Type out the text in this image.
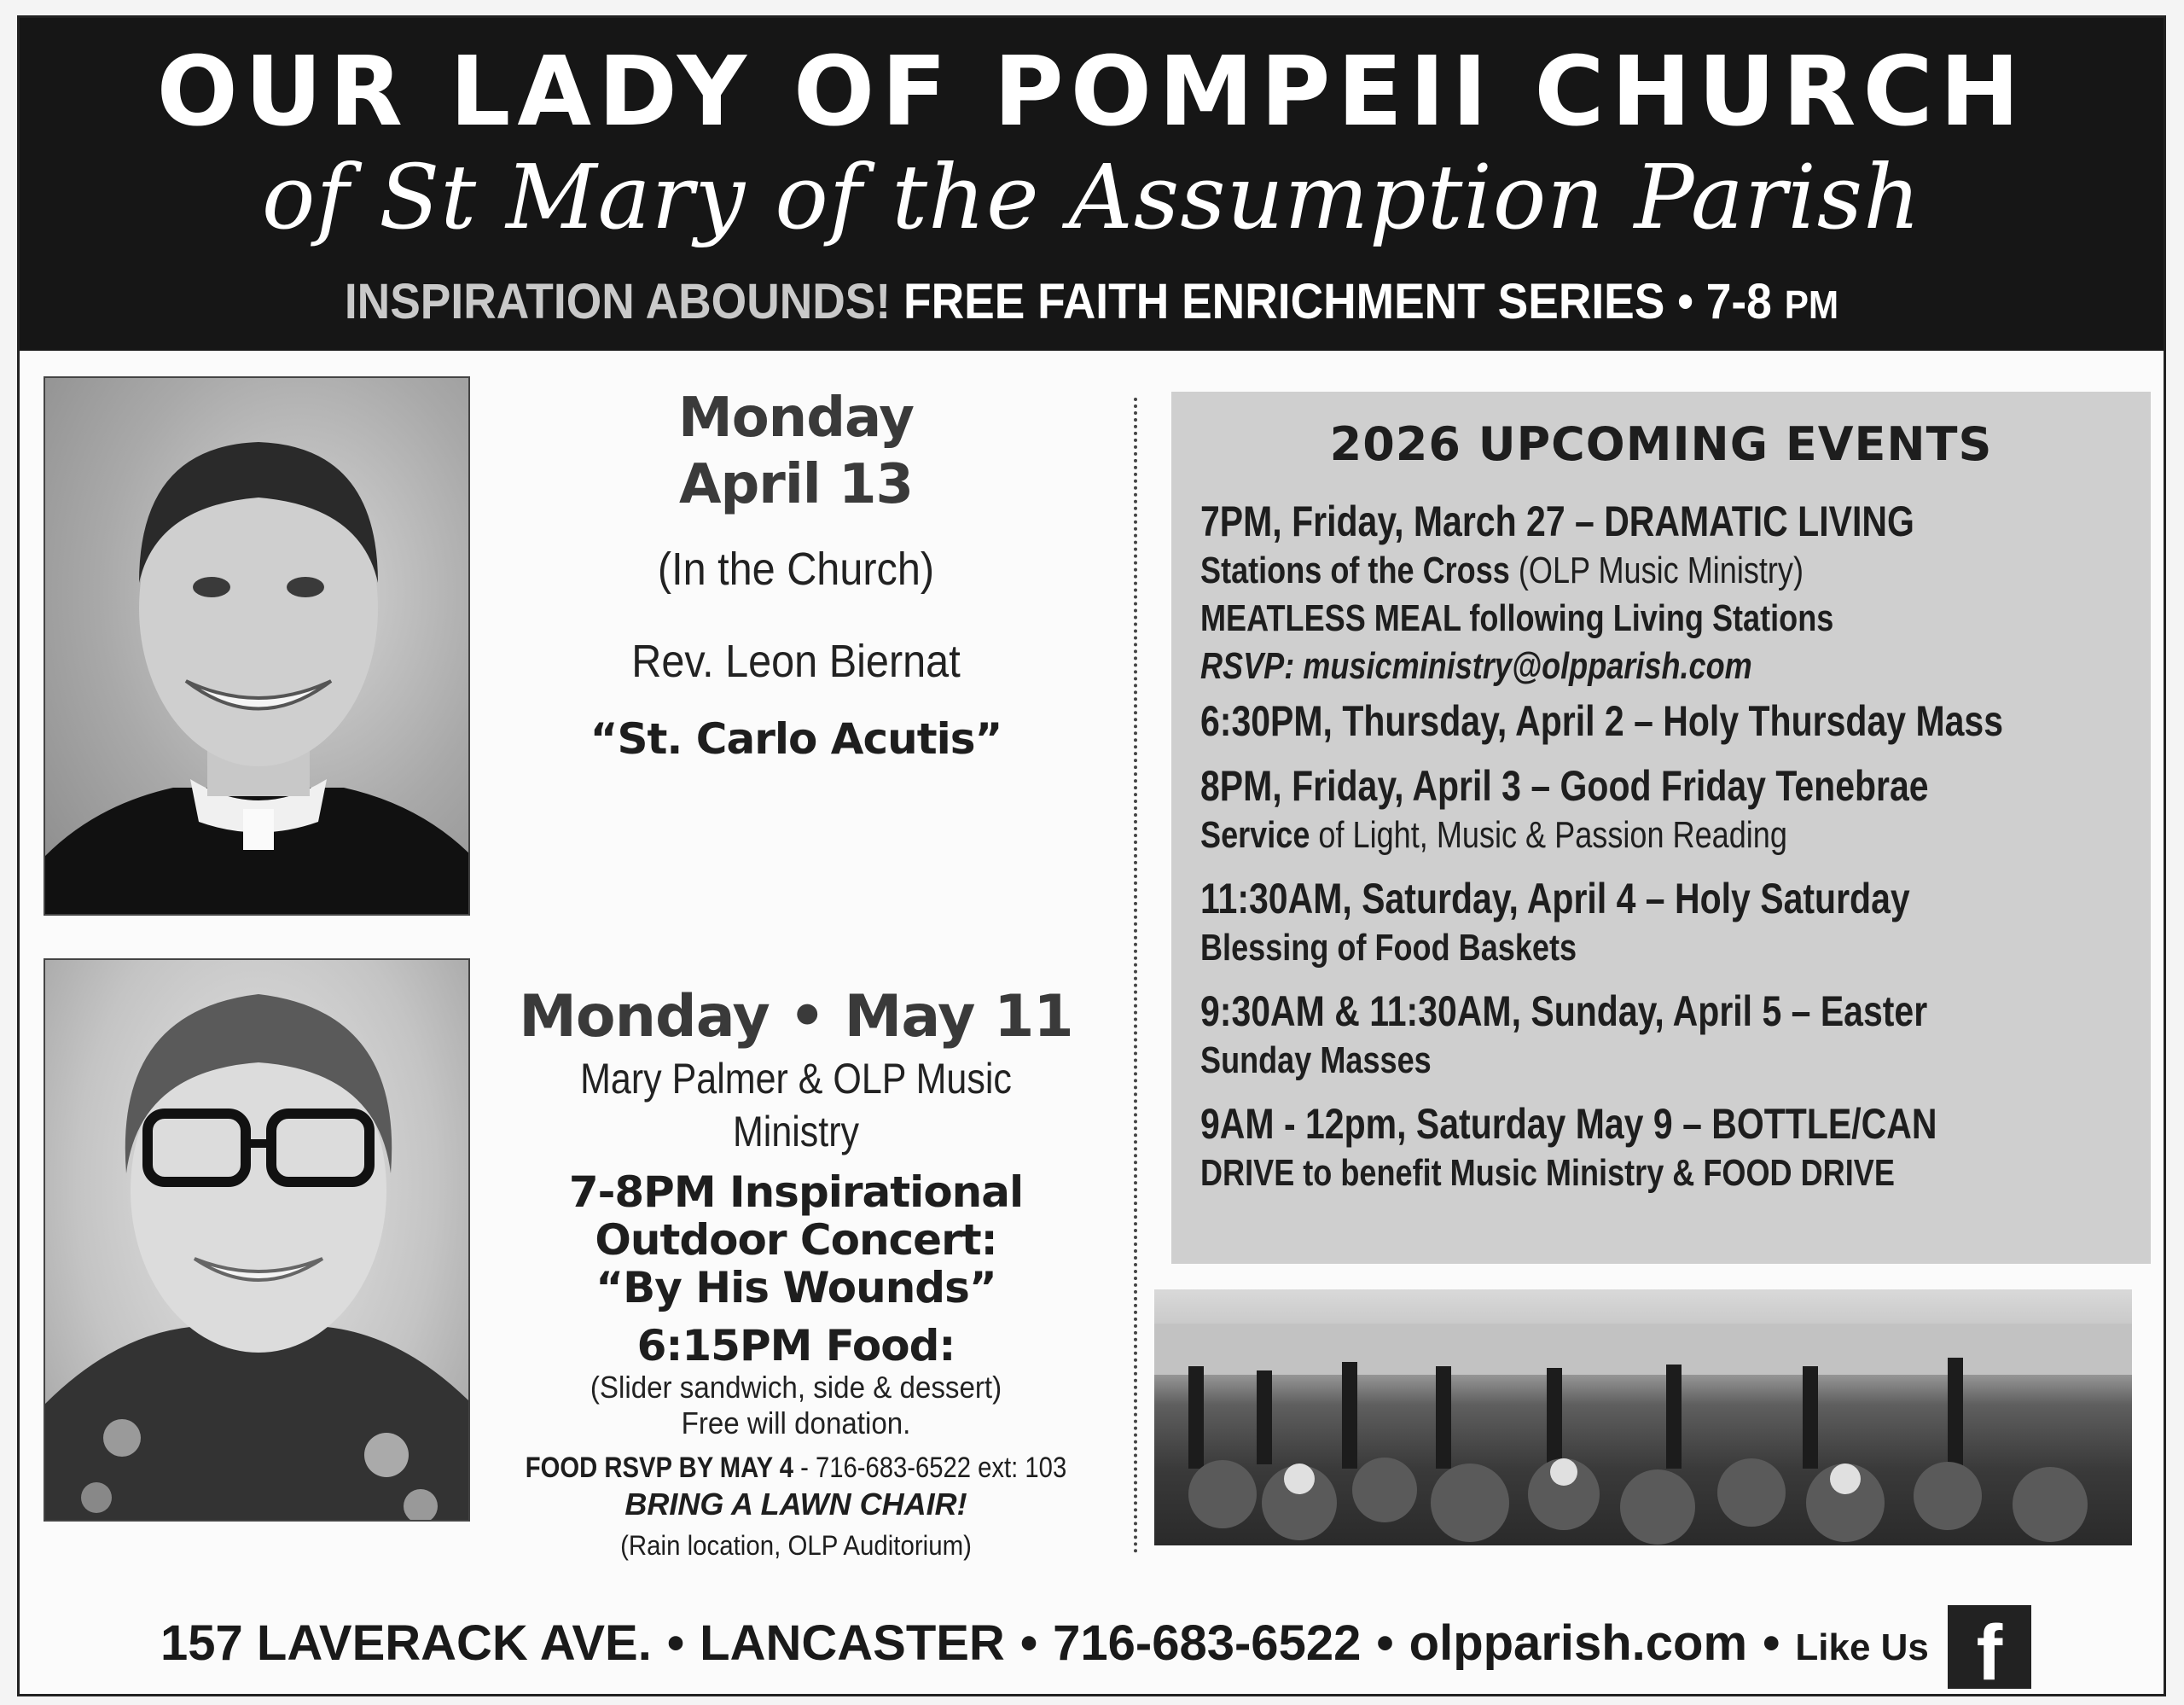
OUR LADY OF POMPEII CHURCH
of St Mary of the Assumption Parish
INSPIRATION ABOUNDS! FREE FAITH ENRICHMENT SERIES • 7-8 PM
Monday
April 13
(In the Church)
Rev. Leon Biernat
“St. Carlo Acutis”
Monday • May 11
Mary Palmer & OLP Music Ministry
7-8PM Inspirational
Outdoor Concert:
“By His Wounds”
6:15PM Food:
(Slider sandwich, side & dessert)
Free will donation.
FOOD RSVP BY MAY 4 - 716-683-6522 ext: 103
BRING A LAWN CHAIR!
(Rain location, OLP Auditorium)
2026 UPCOMING EVENTS
7PM, Friday, March 27 – DRAMATIC LIVING
Stations of the Cross (OLP Music Ministry)
MEATLESS MEAL following Living Stations
RSVP: musicministry@olpparish.com
6:30PM, Thursday, April 2 – Holy Thursday Mass
8PM, Friday, April 3 – Good Friday Tenebrae
Service of Light, Music & Passion Reading
11:30AM, Saturday, April 4 – Holy Saturday
Blessing of Food Baskets
9:30AM & 11:30AM, Sunday, April 5 – Easter
Sunday Masses
9AM - 12pm, Saturday May 9 – BOTTLE/CAN
DRIVE to benefit Music Ministry & FOOD DRIVE
157 LAVERACK AVE. • LANCASTER • 716-683-6522 • olpparish.com • Like Us f
